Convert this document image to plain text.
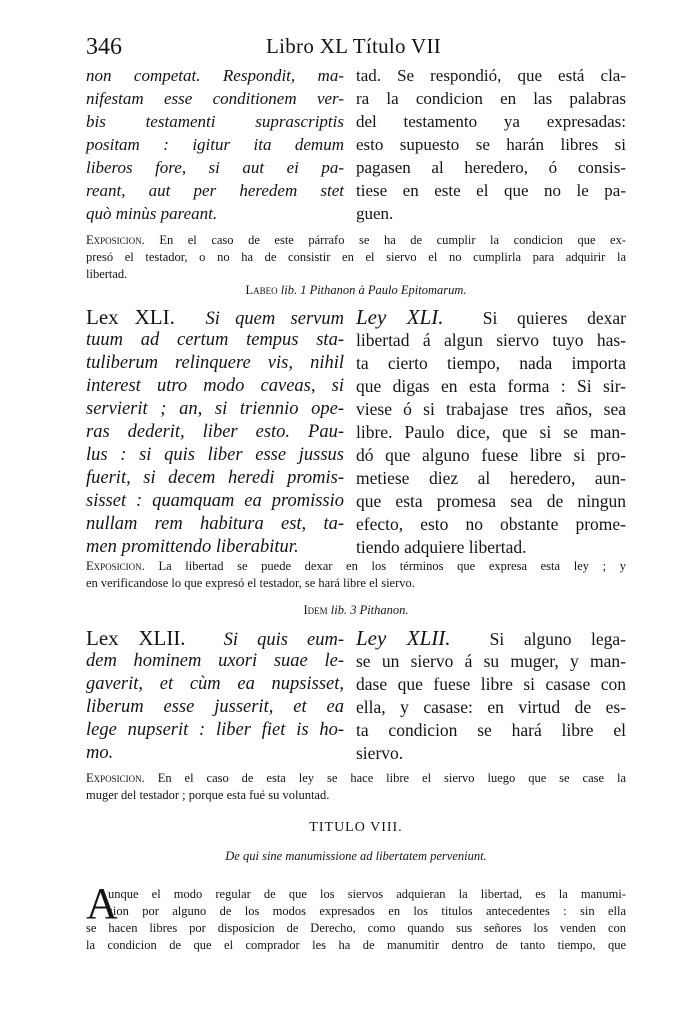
346	Libro XL Título VII
non competat. Respondit, ma-
nifestam esse conditionem ver-
bis testamenti suprascriptis
positam : igitur ita demum
liberos fore, si aut ei pa-
reant, aut per heredem stet
quò minùs pareant.
tad. Se respondió, que está cla-
ra la condicion en las palabras
del testamento ya expresadas:
esto supuesto se harán libres si
pagasen al heredero, ó consis-
tiese en este el que no le pa-
guen.
Exposicion. En el caso de este párrafo se ha de cumplir la condicion que ex-
presó el testador, o no ha de consistir en el siervo el no cumplirla para adquirir la
libertad.
Labeo lib. 1 Pithanon à Paulo Epitomarum.
Lex XLI. Si quem servum
tuum ad certum tempus sta-
tuliberum relinquere vis, nihil
interest utro modo caveas, si
servierit ; an, si triennio ope-
ras dederit, liber esto. Pau-
lus : si quis liber esse jussus
fuerit, si decem heredi promis-
sisset : quamquam ea promissio
nullam rem habitura est, ta-
men promittendo liberabitur.
Ley XLI. Si quieres dexar
libertad á algun siervo tuyo has-
ta cierto tiempo, nada importa
que digas en esta forma : Si sir-
viese ó si trabajase tres años, sea
libre. Paulo dice, que si se man-
dó que alguno fuese libre si pro-
metiese diez al heredero, aun-
que esta promesa sea de ningun
efecto, esto no obstante prome-
tiendo adquiere libertad.
Exposicion. La libertad se puede dexar en los términos que expresa esta ley ; y
en verificandose lo que expresó el testador, se hará libre el siervo.
Idem lib. 3 Pithanon.
Lex XLII. Si quis eum-
dem hominem uxori suae le-
gaverit, et cùm ea nupsisset,
liberum esse jusserit, et ea
lege nupserit : liber fiet is ho-
mo.
Ley XLII. Si alguno lega-
se un siervo á su muger, y man-
dase que fuese libre si casase con
ella, y casase: en virtud de es-
ta condicion se hará libre el
siervo.
Exposicion. En el caso de esta ley se hace libre el siervo luego que se case la
muger del testador ; porque esta fué su voluntad.
TITULO VIII.
De qui sine manumissione ad libertatem perveniunt.
A
unque el modo regular de que los siervos adquieran la libertad, es la manumi-
sion por alguno de los modos expresados en los titulos antecedentes : sin ella
se hacen libres por disposicion de Derecho, como quando sus señores los venden con
la condicion de que el comprador les ha de manumitir dentro de tanto tiempo, que
